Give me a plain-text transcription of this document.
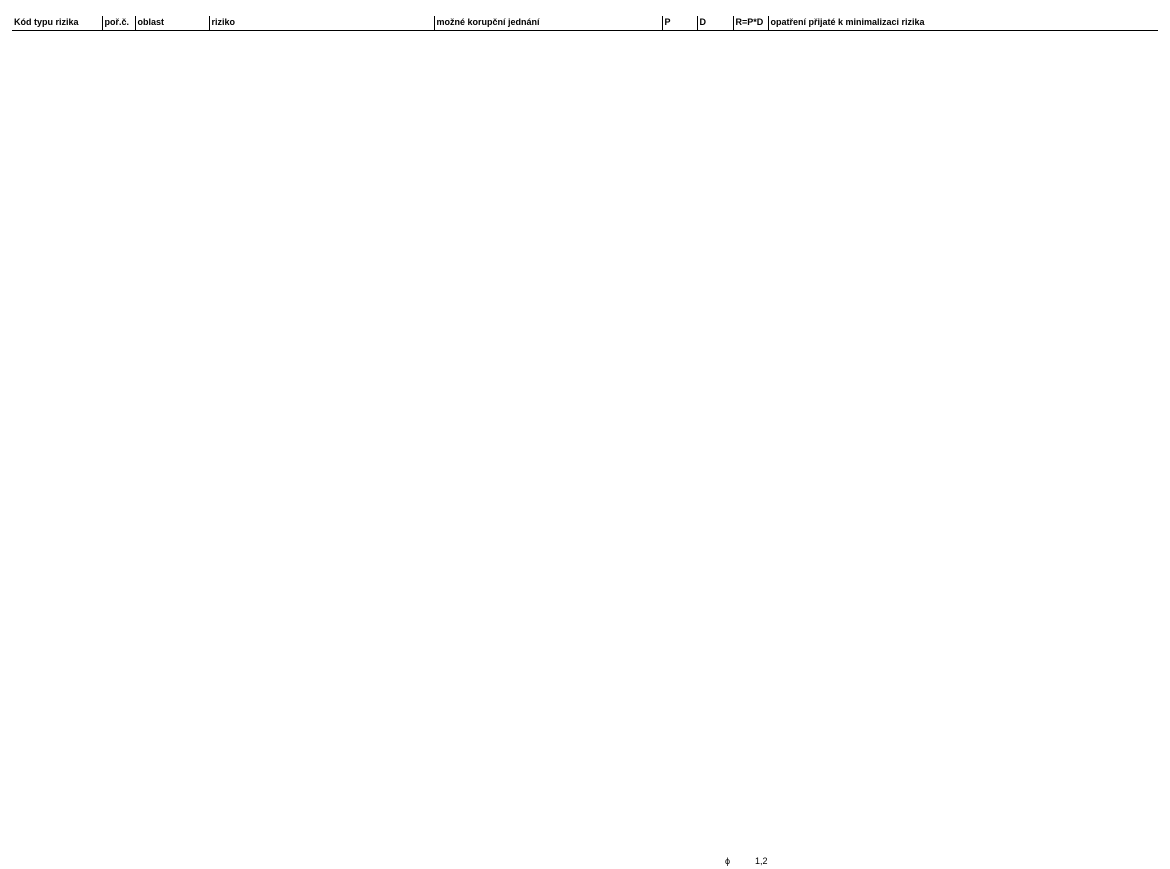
Kód typu rizika	poř.č.	oblast	riziko	možné korupční jednání	P	D	R=P*D	opatření přijaté k minimalizaci rizika
ϕ	1,2
